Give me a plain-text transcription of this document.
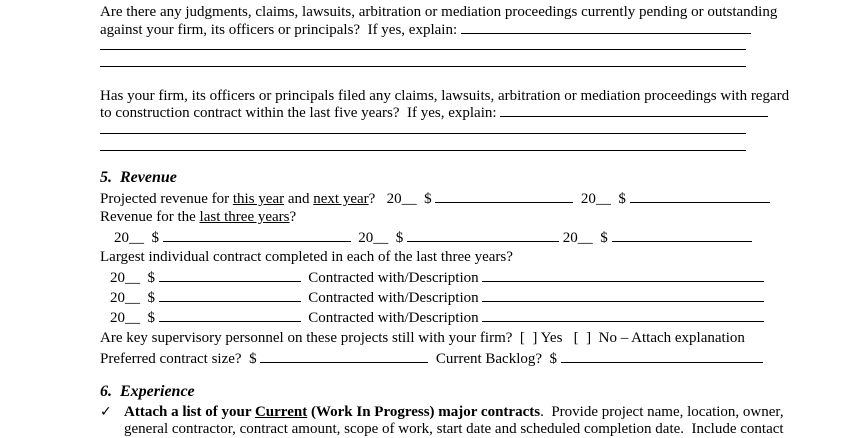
Are there any judgments, claims, lawsuits, arbitration or mediation proceedings currently pending or outstanding
against your firm, its officers or principals?  If yes, explain:
Has your firm, its officers or principals filed any claims, lawsuits, arbitration or mediation proceedings with regard
to construction contract within the last five years?  If yes, explain:
5.  Revenue
Projected revenue for this year and next year?   20__  $	20__  $
Revenue for the last three years?
20__  $	20__  $	20__  $
Largest individual contract completed in each of the last three years?
20__  $	Contracted with/Description
20__  $	Contracted with/Description
20__  $	Contracted with/Description
Are key supervisory personnel on these projects still with your firm?  [  ] Yes   [  ]  No – Attach explanation
Preferred contract size?  $	Current Backlog?  $
6.  Experience
✓ Attach a list of your Current (Work In Progress) major contracts.  Provide project name, location, owner,
general contractor, contract amount, scope of work, start date and scheduled completion date.  Include contact
